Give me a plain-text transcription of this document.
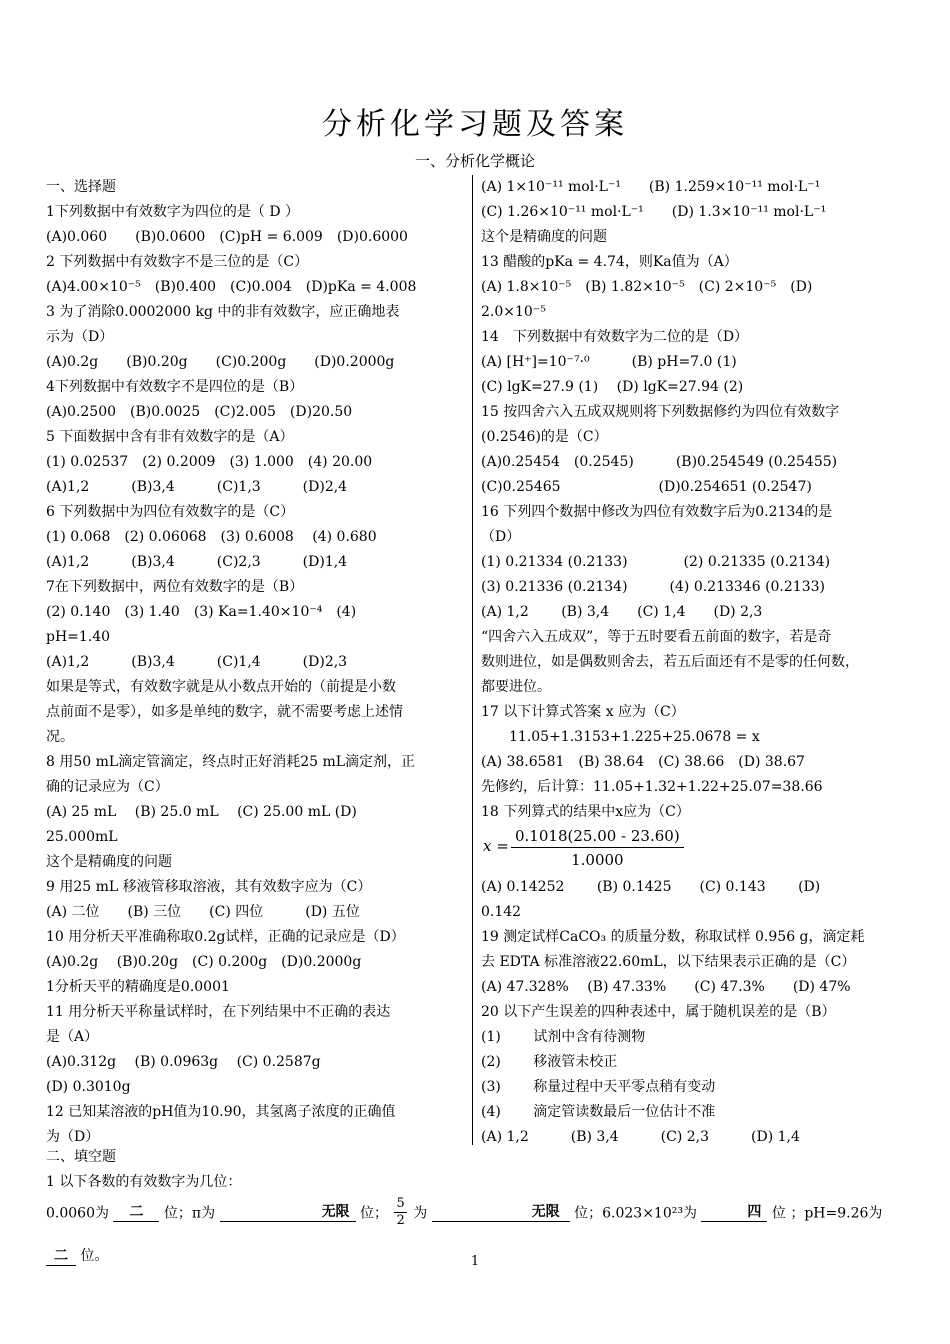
分析化学习题及答案
一、分析化学概论
一、选择题
1下列数据中有效数字为四位的是（ D ）
(A)0.060　　(B)0.0600　(C)pH = 6.009　(D)0.6000
2 下列数据中有效数字不是三位的是（C）
(A)4.00×10⁻⁵　(B)0.400　(C)0.004　(D)pKa = 4.008
3 为了消除0.0002000 kg 中的非有效数字，应正确地表
示为（D）
(A)0.2g　　(B)0.20g　　(C)0.200g　　(D)0.2000g
4下列数据中有效数字不是四位的是（B）
(A)0.2500　(B)0.0025　(C)2.005　(D)20.50
5 下面数据中含有非有效数字的是（A）
(1) 0.02537　(2) 0.2009　(3) 1.000　(4) 20.00
(A)1,2　　　(B)3,4　　　(C)1,3　　　(D)2,4
6 下列数据中为四位有效数字的是（C）
(1) 0.068　(2) 0.06068　(3) 0.6008　 (4) 0.680
(A)1,2　　　(B)3,4　　　(C)2,3　　　(D)1,4
7在下列数据中，两位有效数字的是（B）
(2) 0.140　(3) 1.40　(3) Ka=1.40×10⁻⁴　(4)
pH=1.40
(A)1,2　　　(B)3,4　　　(C)1,4　　　(D)2,3
如果是等式，有效数字就是从小数点开始的（前提是小数
点前面不是零），如多是单纯的数字，就不需要考虑上述情
况。
8 用50 mL滴定管滴定，终点时正好消耗25 mL滴定剂，正
确的记录应为（C）
(A) 25 mL　 (B) 25.0 mL　 (C) 25.00 mL (D)
25.000mL
这个是精确度的问题
9 用25 mL 移液管移取溶液，其有效数字应为（C）
(A) 二位　　(B) 三位　　(C) 四位　　　(D) 五位
10 用分析天平准确称取0.2g试样，正确的记录应是（D）
(A)0.2g　 (B)0.20g　(C) 0.200g　(D)0.2000g
1分析天平的精确度是0.0001
11 用分析天平称量试样时，在下列结果中不正确的表达
是（A）
(A)0.312g　 (B) 0.0963g　 (C) 0.2587g
(D) 0.3010g
12 已知某溶液的pH值为10.90，其氢离子浓度的正确值
为（D）
(A) 1×10⁻¹¹ mol·L⁻¹　　(B) 1.259×10⁻¹¹ mol·L⁻¹
(C) 1.26×10⁻¹¹ mol·L⁻¹　　(D) 1.3×10⁻¹¹ mol·L⁻¹
这个是精确度的问题
13 醋酸的pKa = 4.74，则Ka值为（A）
(A) 1.8×10⁻⁵　(B) 1.82×10⁻⁵　(C) 2×10⁻⁵　(D)
2.0×10⁻⁵
14　下列数据中有效数字为二位的是（D）
(A) [H⁺]=10⁻⁷·⁰　　　(B) pH=7.0 (1)
(C) lgK=27.9 (1)　 (D) lgK=27.94 (2)
15 按四舍六入五成双规则将下列数据修约为四位有效数字
(0.2546)的是（C）
(A)0.25454　(0.2545)　　　(B)0.254549 (0.25455)
(C)0.25465　　　　　　　(D)0.254651 (0.2547)
16 下列四个数据中修改为四位有效数字后为0.2134的是
（D）
(1) 0.21334 (0.2133)　　　　(2) 0.21335 (0.2134)
(3) 0.21336 (0.2134)　　　(4) 0.213346 (0.2133)
(A) 1,2　　 (B) 3,4　　(C) 1,4　　(D) 2,3
“四舍六入五成双”，等于五时要看五前面的数字，若是奇
数则进位，如是偶数则舍去，若五后面还有不是零的任何数，
都要进位。
17 以下计算式答案 x 应为（C）
　　11.05+1.3153+1.225+25.0678 = x
(A) 38.6581　(B) 38.64　(C) 38.66　(D) 38.67
先修约，后计算：11.05+1.32+1.22+25.07=38.66
18 下列算式的结果中x应为（C）
$x = \frac{0.1018(25.00 - 23.60)}{1.0000}$
(A) 0.14252　　 (B) 0.1425　　(C) 0.143　　 (D)
0.142
19 测定试样CaCO₃ 的质量分数，称取试样 0.956 g，滴定耗
去 EDTA 标准溶液22.60mL，以下结果表示正确的是（C）
(A) 47.328%　 (B) 47.33%　　(C) 47.3%　　(D) 47%
20 以下产生误差的四种表述中，属于随机误差的是（B）
(1)　　 试剂中含有待测物
(2)　　 移液管未校正
(3)　　 称量过程中天平零点稍有变动
(4)　　 滴定管读数最后一位估计不准
(A) 1,2　　　(B) 3,4　　　(C) 2,3　　　(D) 1,4
二、填空题
1 以下各数的有效数字为几位：
0.0060为 二 位；π为	无限 位； $\frac{5}{2}$ 为	无限 位；6.023×10²³为	四 位 ；pH=9.26为
二 位。	1
